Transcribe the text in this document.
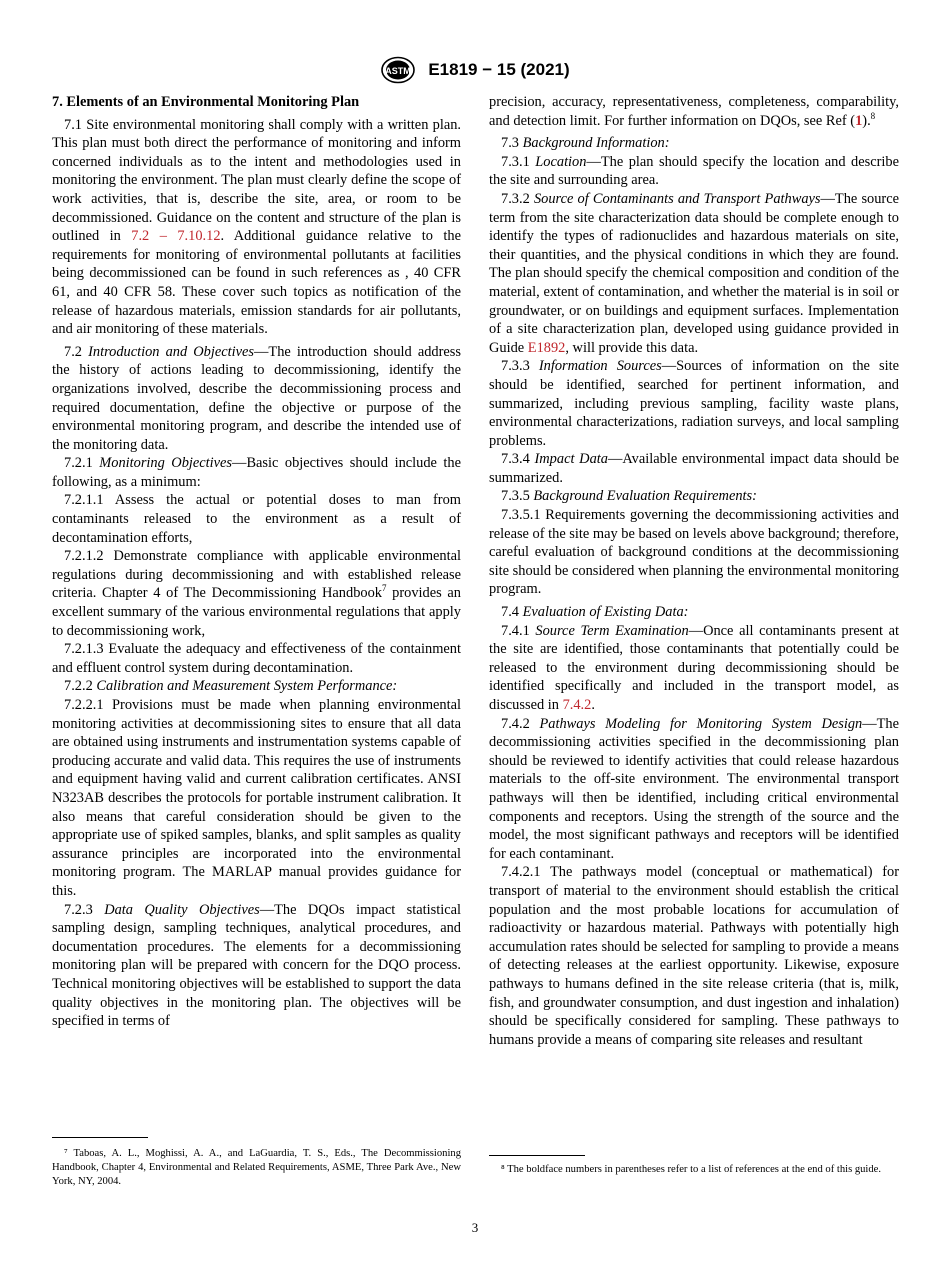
ASTM E1819 − 15 (2021)
7. Elements of an Environmental Monitoring Plan

7.1 Site environmental monitoring shall comply with a written plan. This plan must both direct the performance of monitoring and inform concerned individuals as to the intent and methodologies used in monitoring the environment. The plan must clearly define the scope of work activities, that is, describe the site, area, or room to be decommissioned. Guidance on the content and structure of the plan is outlined in 7.2 – 7.10.12. Additional guidance relative to the requirements for monitoring of environmental pollutants at facilities being decommissioned can be found in such references as , 40 CFR 61, and 40 CFR 58. These cover such topics as notification of the release of hazardous materials, emission standards for air pollutants, and air monitoring of these materials.

7.2 Introduction and Objectives—The introduction should address the history of actions leading to decommissioning, identify the organizations involved, describe the decommissioning process and required documentation, define the objective or purpose of the environmental monitoring program, and describe the intended use of the monitoring data.

7.2.1 Monitoring Objectives—Basic objectives should include the following, as a minimum:

7.2.1.1 Assess the actual or potential doses to man from contaminants released to the environment as a result of decontamination efforts,

7.2.1.2 Demonstrate compliance with applicable environmental regulations during decommissioning and with established release criteria. Chapter 4 of The Decommissioning Handbook$^7$ provides an excellent summary of the various environmental regulations that apply to decommissioning work,

7.2.1.3 Evaluate the adequacy and effectiveness of the containment and effluent control system during decontamination.

7.2.2 Calibration and Measurement System Performance:

7.2.2.1 Provisions must be made when planning environmental monitoring activities at decommissioning sites to ensure that all data are obtained using instruments and instrumentation systems capable of producing accurate and valid data. This requires the use of instruments and equipment having valid and current calibration certificates. ANSI N323AB describes the protocols for portable instrument calibration. It also means that careful consideration should be given to the appropriate use of spiked samples, blanks, and split samples as quality assurance principles are incorporated into the environmental monitoring program. The MARLAP manual provides guidance for this.

7.2.3 Data Quality Objectives—The DQOs impact statistical sampling design, sampling techniques, analytical procedures, and documentation procedures. The elements for a decommissioning monitoring plan will be prepared with concern for the DQO process. Technical monitoring objectives will be established to support the data quality objectives in the monitoring plan. The objectives will be specified in terms of

⁷ Taboas, A. L., Moghissi, A. A., and LaGuardia, T. S., Eds., The Decommissioning Handbook, Chapter 4, Environmental and Related Requirements, ASME, Three Park Ave., New York, NY, 2004.

precision, accuracy, representativeness, completeness, comparability, and detection limit. For further information on DQOs, see Ref (1).$^8$

7.3 Background Information:

7.3.1 Location—The plan should specify the location and describe the site and surrounding area.

7.3.2 Source of Contaminants and Transport Pathways—The source term from the site characterization data should be complete enough to identify the types of radionuclides and hazardous materials on site, their quantities, and the physical conditions in which they are found. The plan should specify the chemical composition and condition of the material, extent of contamination, and whether the material is in soil or groundwater, or on buildings and equipment surfaces. Implementation of a site characterization plan, developed using guidance provided in Guide E1892, will provide this data.

7.3.3 Information Sources—Sources of information on the site should be identified, searched for pertinent information, and summarized, including previous sampling, facility waste plans, environmental characterizations, radiation surveys, and local sampling problems.

7.3.4 Impact Data—Available environmental impact data should be summarized.

7.3.5 Background Evaluation Requirements:

7.3.5.1 Requirements governing the decommissioning activities and release of the site may be based on levels above background; therefore, careful evaluation of background conditions at the decommissioning site should be considered when planning the environmental monitoring program.

7.4 Evaluation of Existing Data:

7.4.1 Source Term Examination—Once all contaminants present at the site are identified, those contaminants that potentially could be released to the environment during decommissioning should be identified specifically and included in the transport model, as discussed in 7.4.2.

7.4.2 Pathways Modeling for Monitoring System Design—The decommissioning activities specified in the decommissioning plan should be reviewed to identify activities that could release hazardous materials to the off-site environment. The environmental transport pathways will then be identified, including critical environmental components and receptors. Using the strength of the source and the model, the most significant pathways and receptors will be identified for each contaminant.

7.4.2.1 The pathways model (conceptual or mathematical) for transport of material to the environment should establish the critical population and the most probable locations for accumulation of radioactivity or hazardous material. Pathways with potentially high accumulation rates should be selected for sampling to provide a means of detecting releases at the earliest opportunity. Likewise, exposure pathways to humans defined in the site release criteria (that is, milk, fish, and groundwater consumption, and dust ingestion and inhalation) should be specifically considered for sampling. These pathways to humans provide a means of comparing site releases and resultant

⁸ The boldface numbers in parentheses refer to a list of references at the end of this guide.

3
